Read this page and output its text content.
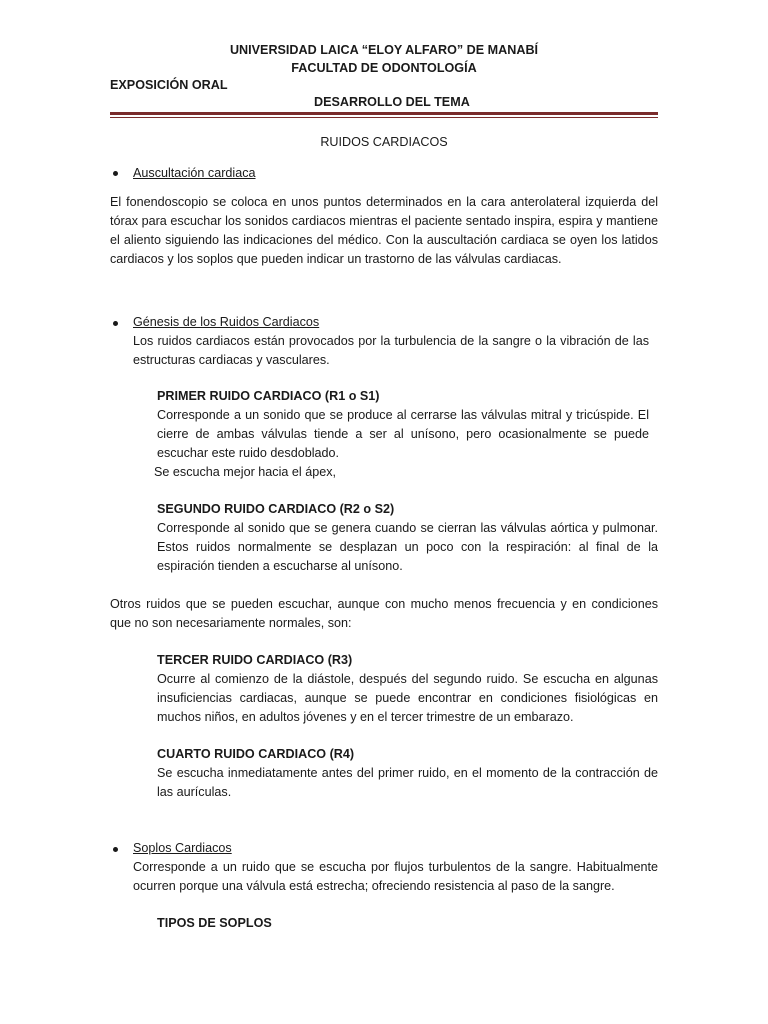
UNIVERSIDAD LAICA “ELOY ALFARO” DE MANABÍ
FACULTAD DE ODONTOLOGÍA
EXPOSICIÓN ORAL
DESARROLLO DEL TEMA
RUIDOS CARDIACOS
Auscultación cardiaca
El fonendoscopio se coloca en unos puntos determinados en la cara anterolateral izquierda del tórax para escuchar los sonidos cardiacos mientras el paciente sentado inspira, espira y mantiene el aliento siguiendo las indicaciones del médico. Con la auscultación cardiaca se oyen los latidos cardiacos y los soplos que pueden indicar un trastorno de las válvulas cardiacas.
Génesis de los Ruidos Cardiacos
Los ruidos cardiacos están provocados por la turbulencia de la sangre o la vibración de las estructuras cardiacas y vasculares.
PRIMER RUIDO CARDIACO (R1 o S1)
Corresponde a un sonido que se produce al cerrarse las válvulas mitral y tricúspide. El cierre de ambas válvulas tiende a ser al unísono, pero ocasionalmente se puede escuchar este ruido desdoblado.
Se escucha mejor hacia el ápex,
SEGUNDO RUIDO CARDIACO (R2 o S2)
Corresponde al sonido que se genera cuando se cierran las válvulas aórtica y pulmonar. Estos ruidos normalmente se desplazan un poco con la respiración: al final de la espiración tienden a escucharse al unísono.
Otros ruidos que se pueden escuchar, aunque con mucho menos frecuencia y en condiciones que no son necesariamente normales, son:
TERCER RUIDO CARDIACO (R3)
Ocurre al comienzo de la diástole, después del segundo ruido. Se escucha en algunas insuficiencias cardiacas, aunque se puede encontrar en condiciones fisiológicas en muchos niños, en adultos jóvenes y en el tercer trimestre de un embarazo.
CUARTO RUIDO CARDIACO (R4)
Se escucha inmediatamente antes del primer ruido, en el momento de la contracción de las aurículas.
Soplos Cardiacos
Corresponde a un ruido que se escucha por flujos turbulentos de la sangre. Habitualmente ocurren porque una válvula está estrecha; ofreciendo resistencia al paso de la sangre.
TIPOS DE SOPLOS
